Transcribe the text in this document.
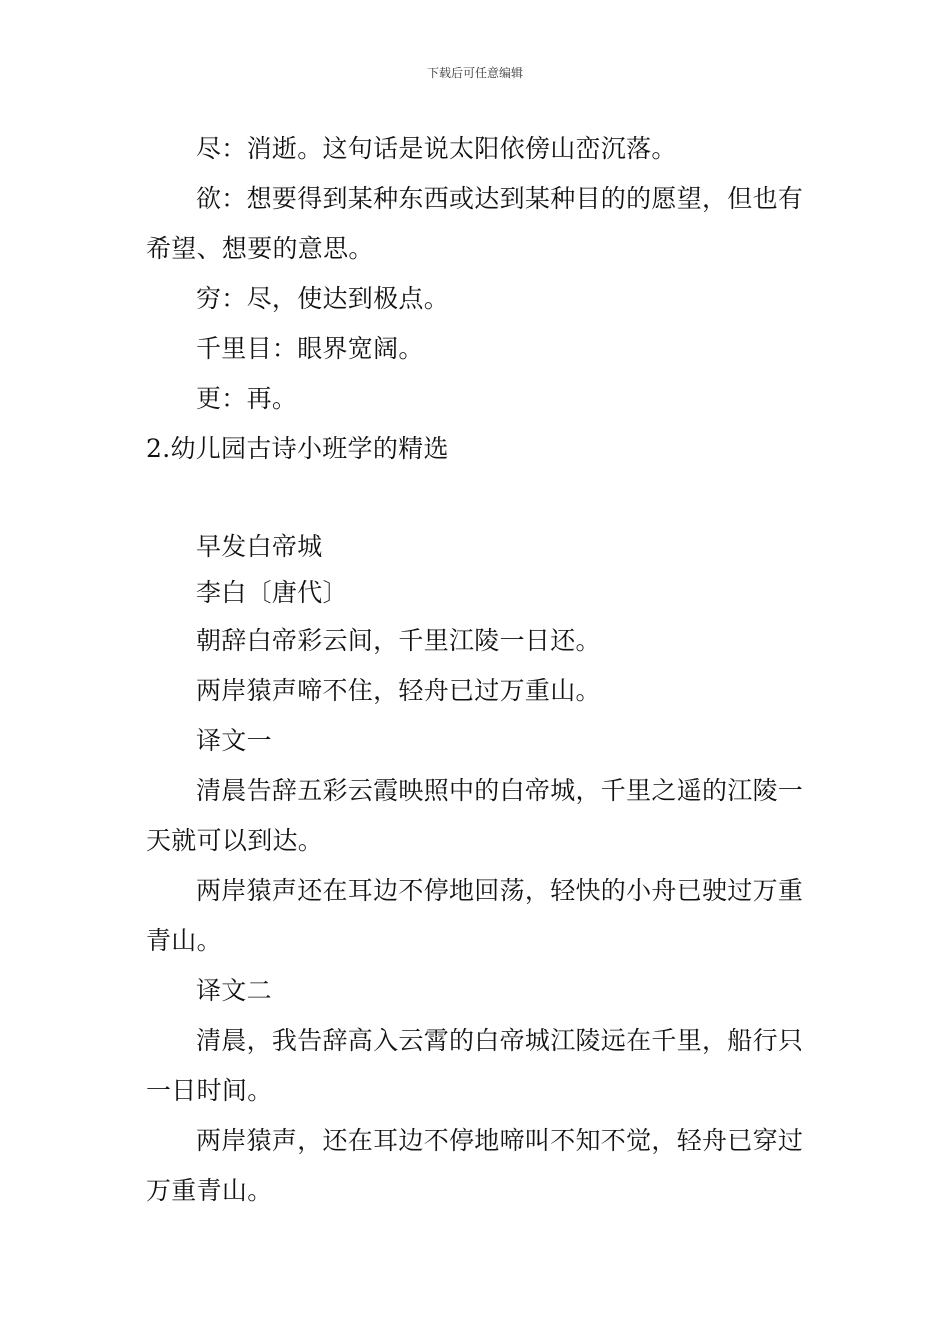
下载后可任意编辑

尽：消逝。这句话是说太阳依傍山峦沉落。

欲：想要得到某种东西或达到某种目的的愿望，但也有希望、想要的意思。

穷：尽，使达到极点。

千里目：眼界宽阔。

更：再。

2.幼儿园古诗小班学的精选

早发白帝城

李白〔唐代〕

朝辞白帝彩云间，千里江陵一日还。

两岸猿声啼不住，轻舟已过万重山。

译文一

清晨告辞五彩云霞映照中的白帝城，千里之遥的江陵一天就可以到达。

两岸猿声还在耳边不停地回荡，轻快的小舟已驶过万重青山。

译文二

清晨，我告辞高入云霄的白帝城江陵远在千里，船行只一日时间。

两岸猿声，还在耳边不停地啼叫不知不觉，轻舟已穿过万重青山。
